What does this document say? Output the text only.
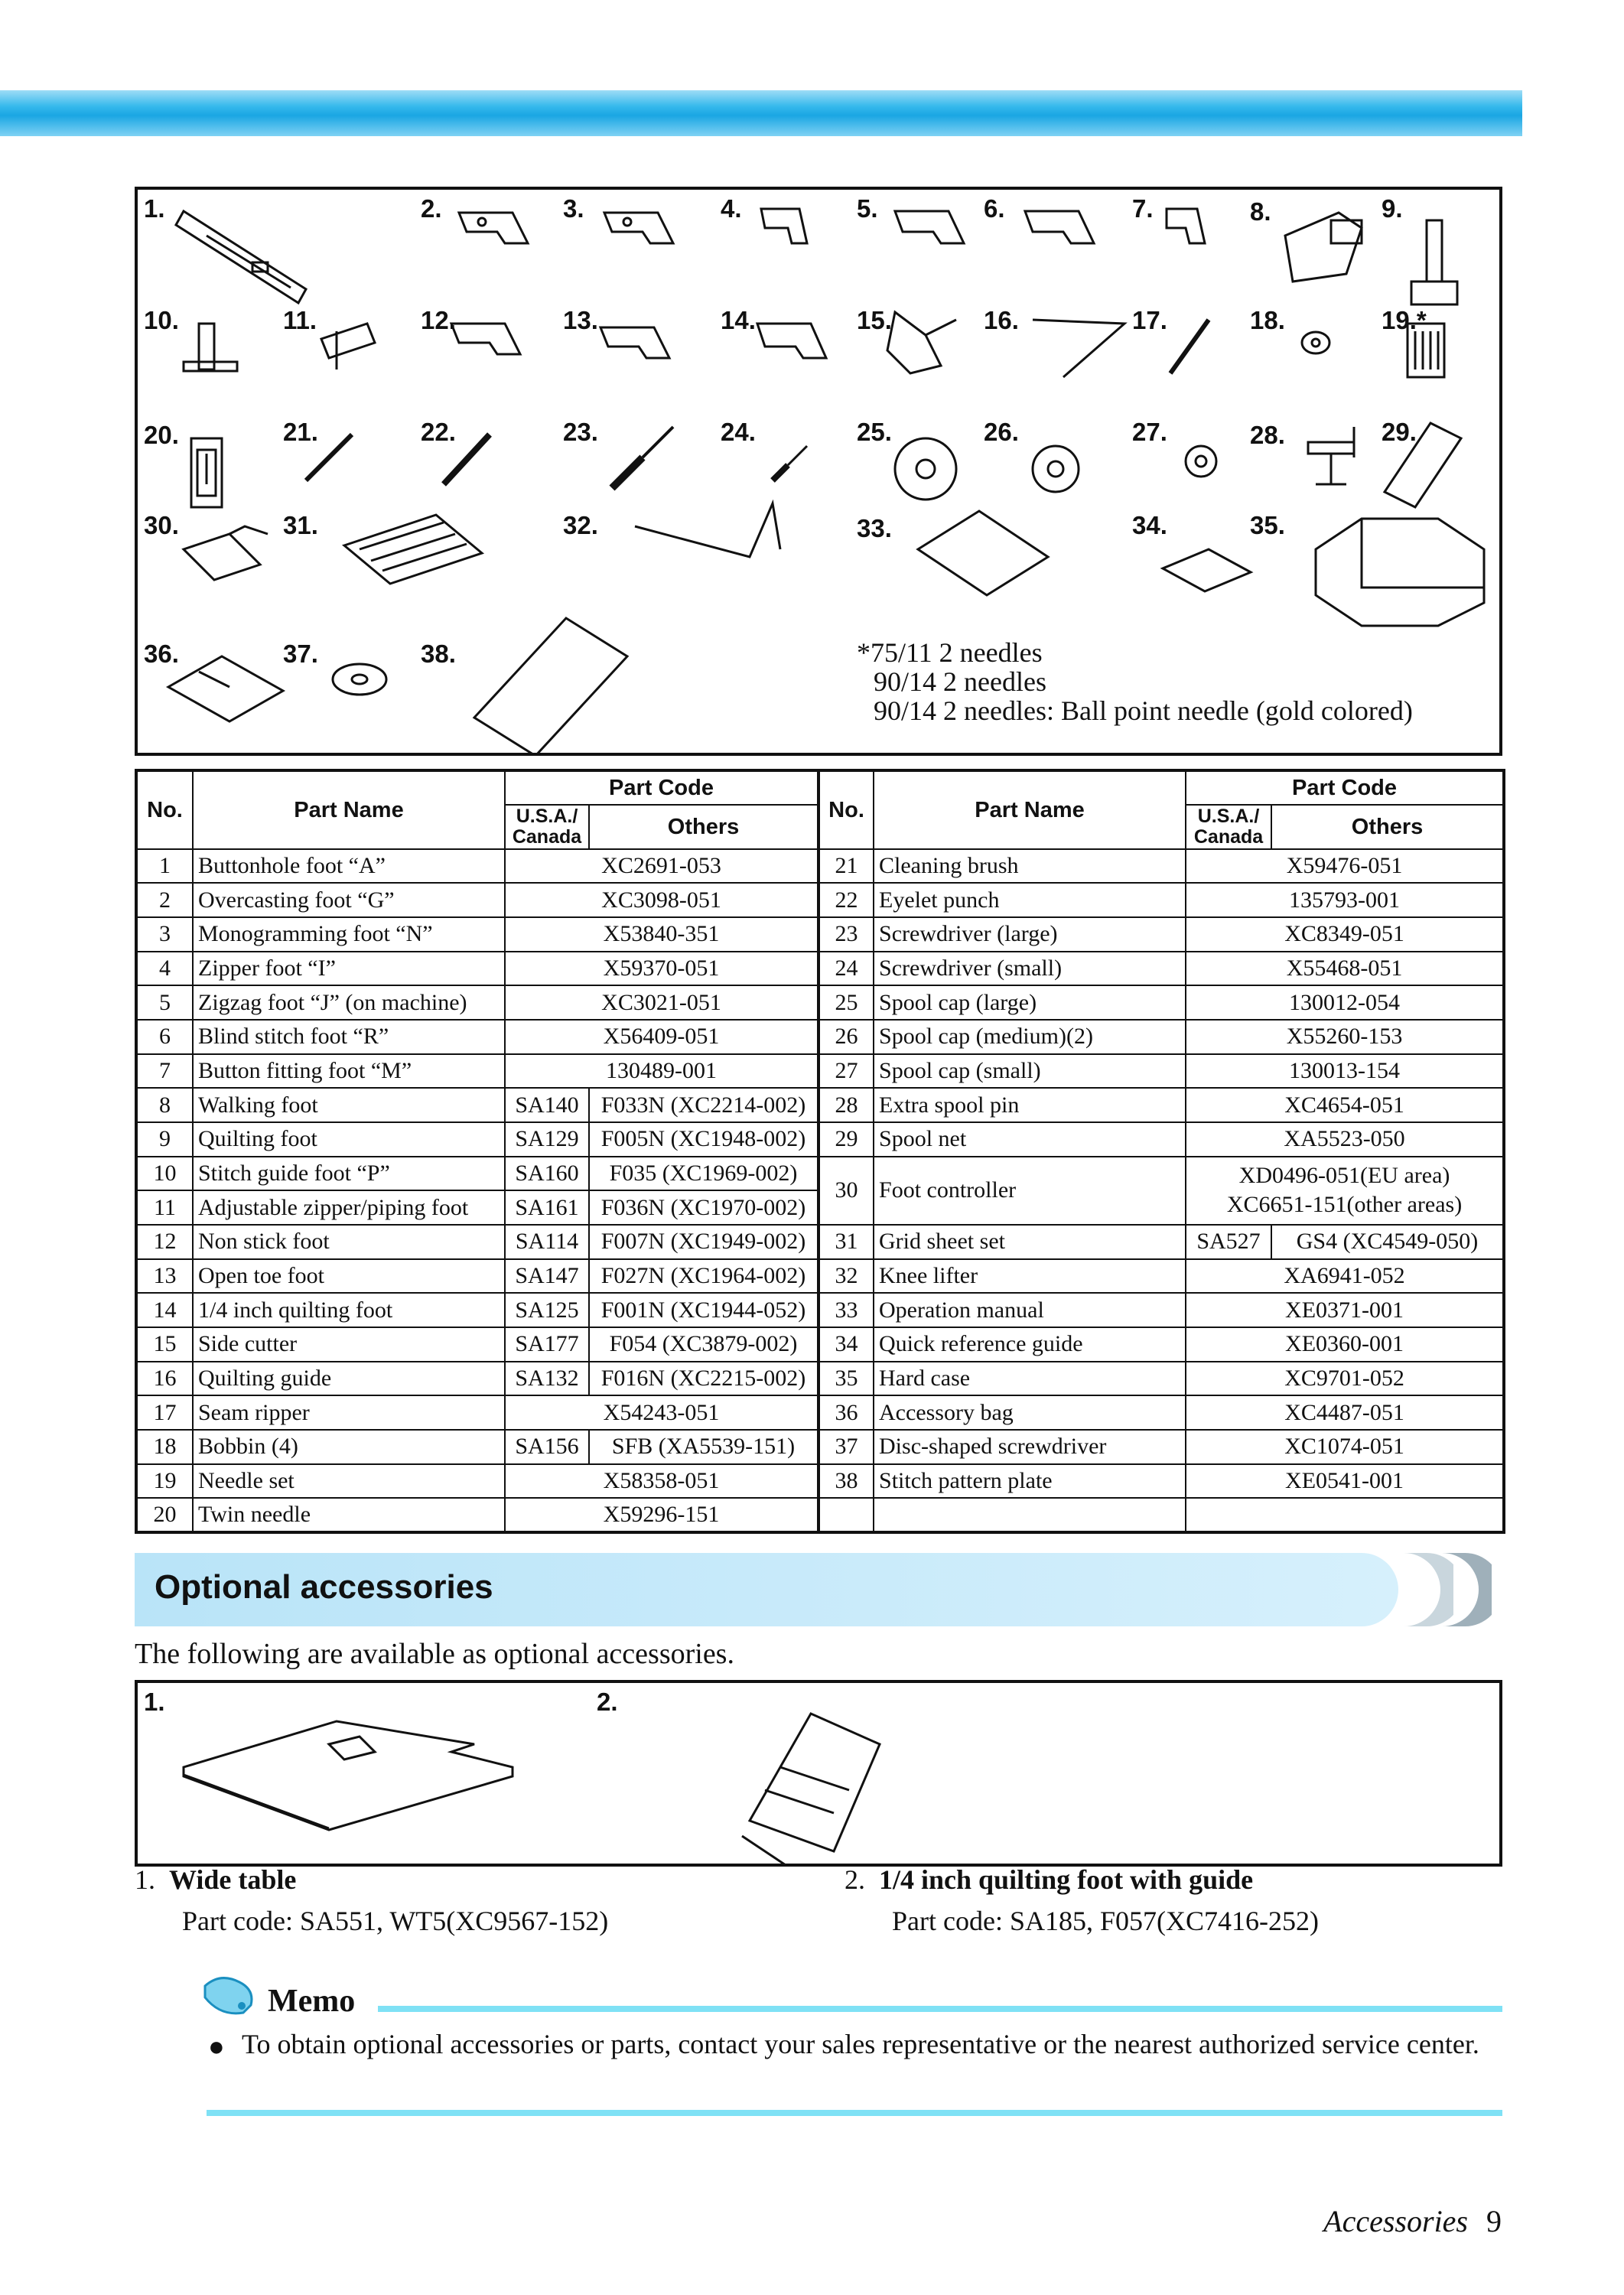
1.	2.	3.	4.	5.	6.	7.	8.	9.
10.	11.	12.	13.	14.	15.	16.	17.	18.	19.*
20.	21.	22.	23.	24.	25.	26.	27.	28.	29.
30.	31.	32.	33.	34.	35.
36.	37.	38.	*75/11 2 needles
90/14 2 needles
90/14 2 needles: Ball point needle (gold colored)
No.	Part Name	Part Code		No.	Part Name	Part Code	
		U.S.A./
Canada	Others			U.S.A./
Canada	Others
1	Buttonhole foot “A”	XC2691-053		21	Cleaning brush	X59476-051	
2	Overcasting foot “G”	XC3098-051		22	Eyelet punch	135793-001	
3	Monogramming foot “N”	X53840-351		23	Screwdriver (large)	XC8349-051	
4	Zipper foot “I”	X59370-051		24	Screwdriver (small)	X55468-051	
5	Zigzag foot “J” (on machine)	XC3021-051		25	Spool cap (large)	130012-054	
6	Blind stitch foot “R”	X56409-051		26	Spool cap (medium)(2)	X55260-153	
7	Button fitting foot “M”	130489-001		27	Spool cap (small)	130013-154	
8	Walking foot	SA140	F033N (XC2214-002)	28	Extra spool pin	XC4654-051	
9	Quilting foot	SA129	F005N (XC1948-002)	29	Spool net	XA5523-050	
10	Stitch guide foot “P”	SA160	F035 (XC1969-002)	30	Foot controller	XD0496-051(EU area)
XC6651-151(other areas)	

11	Adjustable zipper/piping foot	SA161	F036N (XC1970-002)				
12	Non stick foot	SA114	F007N (XC1949-002)	31	Grid sheet set	SA527	GS4 (XC4549-050)
13	Open toe foot	SA147	F027N (XC1964-002)	32	Knee lifter	XA6941-052	
14	1/4 inch quilting foot	SA125	F001N (XC1944-052)	33	Operation manual	XE0371-001	
15	Side cutter	SA177	F054 (XC3879-002)	34	Quick reference guide	XE0360-001	
16	Quilting guide	SA132	F016N (XC2215-002)	35	Hard case	XC9701-052	
17	Seam ripper	X54243-051		36	Accessory bag	XC4487-051	
18	Bobbin (4)	SA156	SFB (XA5539-151)	37	Disc-shaped screwdriver	XC1074-051	
19	Needle set	X58358-051		38	Stitch pattern plate	XE0541-001	
20	Twin needle	X59296-151					
Optional accessories
The following are available as optional accessories.
1.	2.
1. Wide table
Part code: SA551, WT5(XC9567-152)
2. 1/4 inch quilting foot with guide
Part code: SA185, F057(XC7416-252)
Memo
● To obtain optional accessories or parts, contact your sales representative or the nearest authorized service center.
Accessories 9
